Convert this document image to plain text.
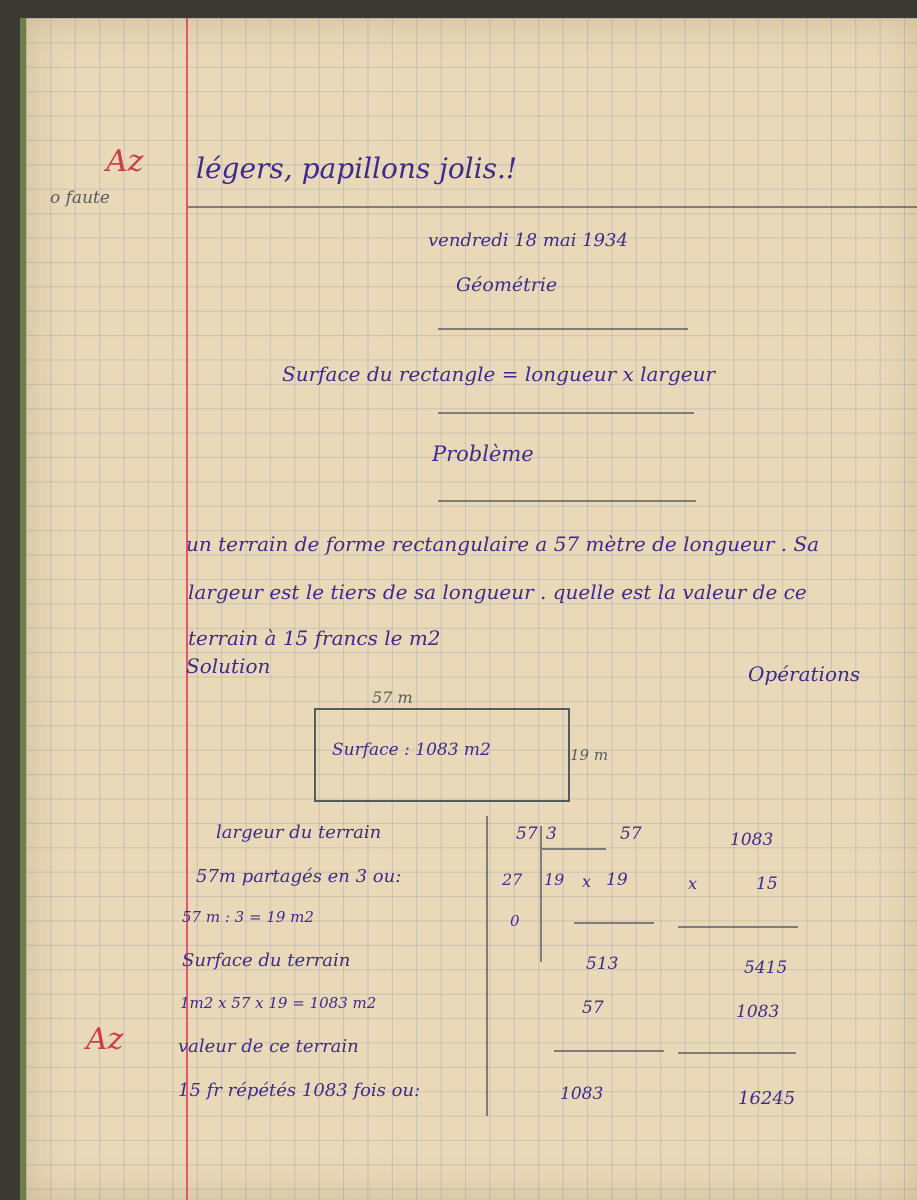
Az
o faute
Az
légers, papillons jolis.!
vendredi 18 mai 1934
Géométrie
Surface du rectangle = longueur x largeur
Problème
un terrain de forme rectangulaire a 57 mètre de longueur . Sa
largeur est le tiers de sa longueur . quelle est la valeur de ce
terrain à 15 francs le m2
Solution	Opérations
57 m
Surface : 1083 m2	19 m
largeur du terrain
57m partagés en 3 ou:
57 m : 3 = 19 m2
Surface du terrain
1m2 x 57 x 19 = 1083 m2
valeur de ce terrain
15 fr répétés 1083 fois ou:
57 3
27 19
0
57
x 19
513
57
1083
1083
x	15
5415
1083
16245
